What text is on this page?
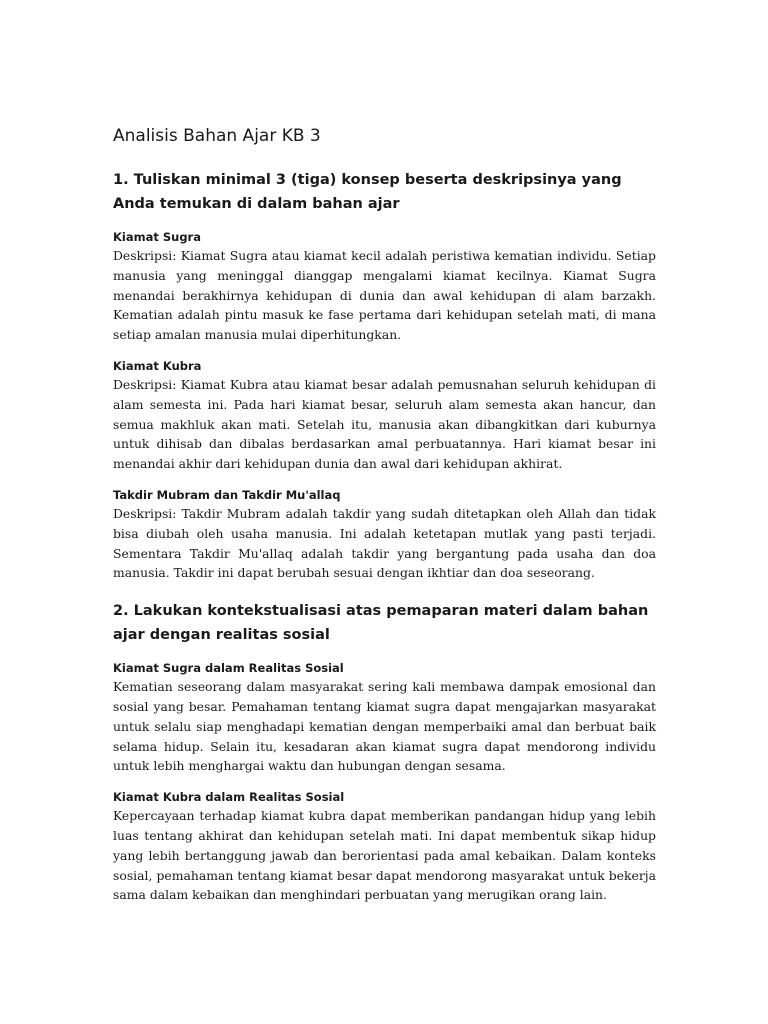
Analisis Bahan Ajar KB 3
1. Tuliskan minimal 3 (tiga) konsep beserta deskripsinya yang Anda temukan di dalam bahan ajar
Kiamat Sugra

Deskripsi: Kiamat Sugra atau kiamat kecil adalah peristiwa kematian individu. Setiap manusia yang meninggal dianggap mengalami kiamat kecilnya. Kiamat Sugra menandai berakhirnya kehidupan di dunia dan awal kehidupan di alam barzakh. Kematian adalah pintu masuk ke fase pertama dari kehidupan setelah mati, di mana setiap amalan manusia mulai diperhitungkan.

Kiamat Kubra

Deskripsi: Kiamat Kubra atau kiamat besar adalah pemusnahan seluruh kehidupan di alam semesta ini. Pada hari kiamat besar, seluruh alam semesta akan hancur, dan semua makhluk akan mati. Setelah itu, manusia akan dibangkitkan dari kuburnya untuk dihisab dan dibalas berdasarkan amal perbuatannya. Hari kiamat besar ini menandai akhir dari kehidupan dunia dan awal dari kehidupan akhirat.

Takdir Mubram dan Takdir Mu'allaq

Deskripsi: Takdir Mubram adalah takdir yang sudah ditetapkan oleh Allah dan tidak bisa diubah oleh usaha manusia. Ini adalah ketetapan mutlak yang pasti terjadi. Sementara Takdir Mu'allaq adalah takdir yang bergantung pada usaha dan doa manusia. Takdir ini dapat berubah sesuai dengan ikhtiar dan doa seseorang.

2. Lakukan kontekstualisasi atas pemaparan materi dalam bahan ajar dengan realitas sosial
Kiamat Sugra dalam Realitas Sosial

Kematian seseorang dalam masyarakat sering kali membawa dampak emosional dan sosial yang besar. Pemahaman tentang kiamat sugra dapat mengajarkan masyarakat untuk selalu siap menghadapi kematian dengan memperbaiki amal dan berbuat baik selama hidup. Selain itu, kesadaran akan kiamat sugra dapat mendorong individu untuk lebih menghargai waktu dan hubungan dengan sesama.

Kiamat Kubra dalam Realitas Sosial

Kepercayaan terhadap kiamat kubra dapat memberikan pandangan hidup yang lebih luas tentang akhirat dan kehidupan setelah mati. Ini dapat membentuk sikap hidup yang lebih bertanggung jawab dan berorientasi pada amal kebaikan. Dalam konteks sosial, pemahaman tentang kiamat besar dapat mendorong masyarakat untuk bekerja sama dalam kebaikan dan menghindari perbuatan yang merugikan orang lain.
